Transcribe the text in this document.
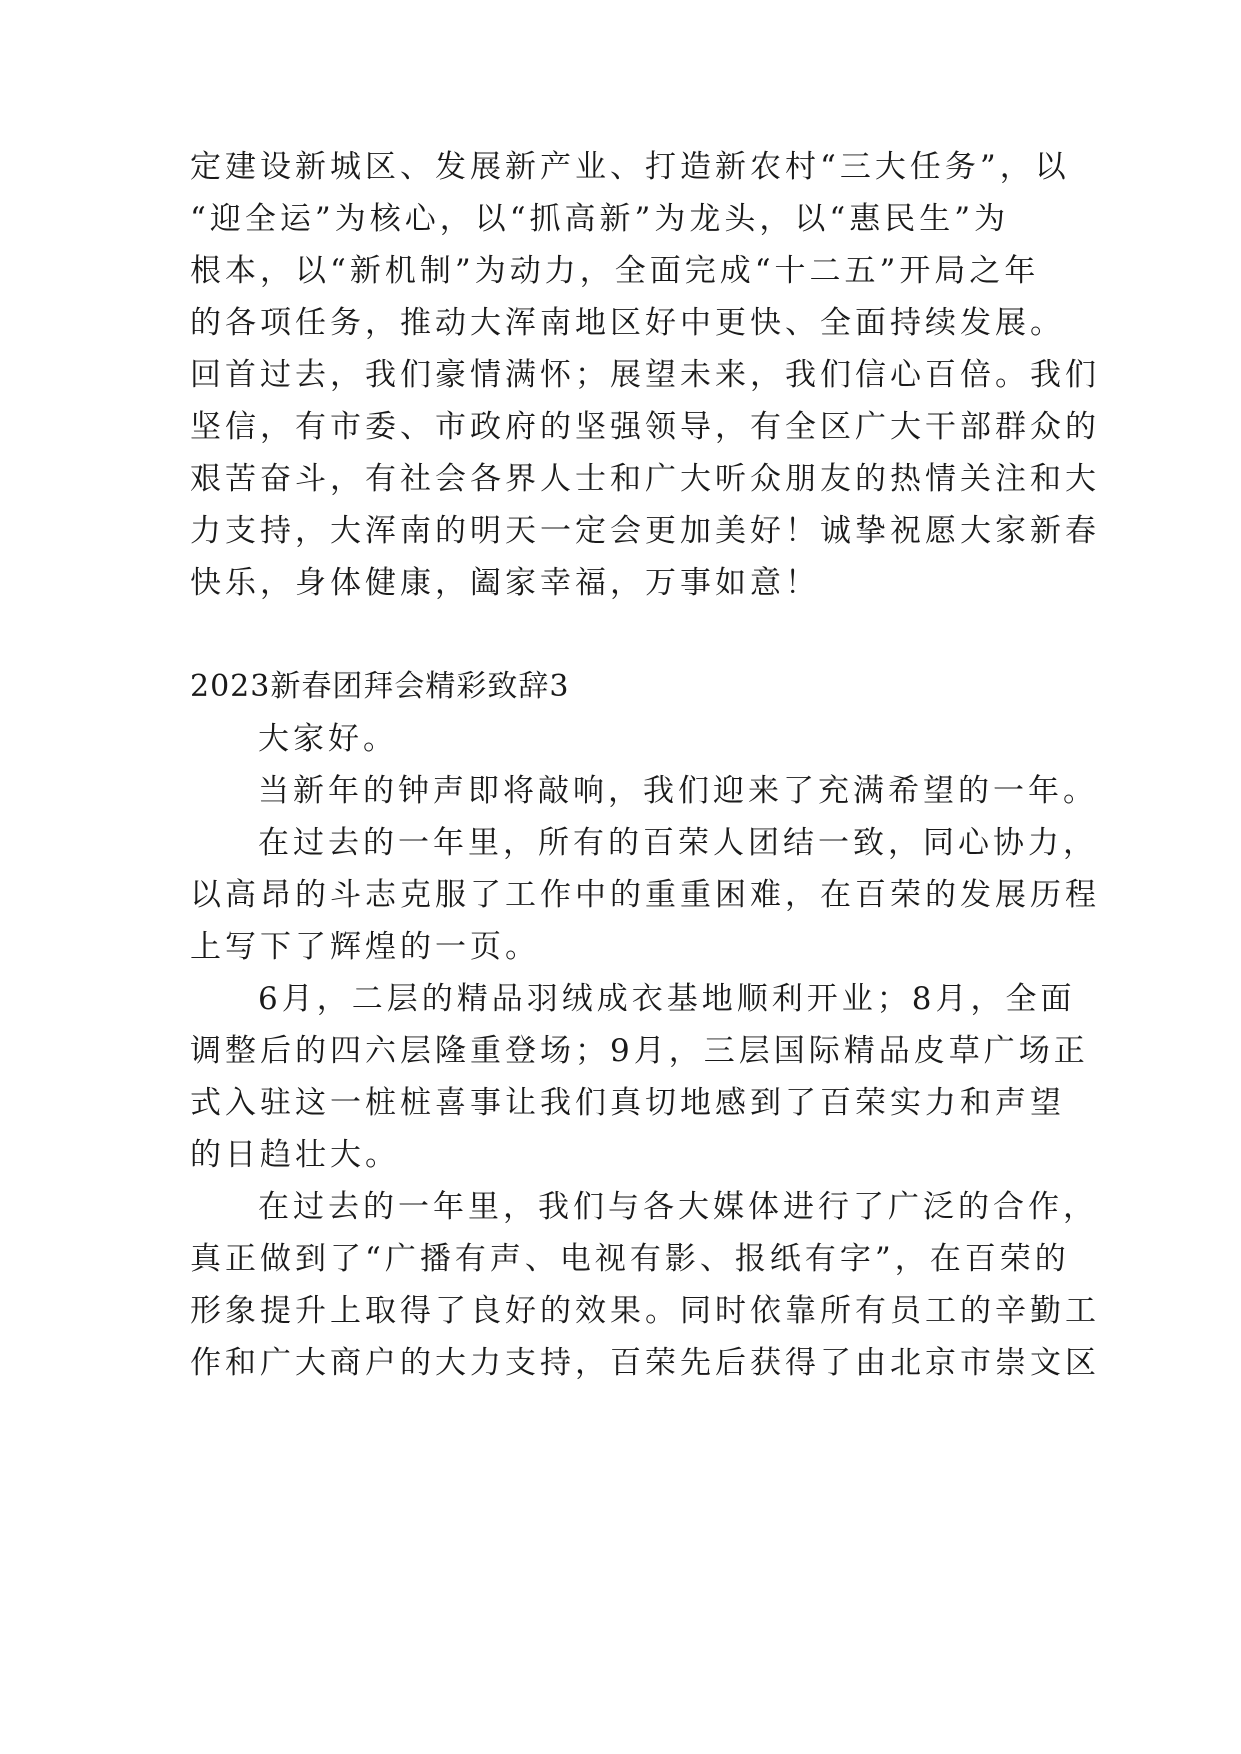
定建设新城区、发展新产业、打造新农村“三大任务”，以
“迎全运”为核心，以“抓高新”为龙头，以“惠民生”为
根本，以“新机制”为动力，全面完成“十二五”开局之年
的各项任务，推动大浑南地区好中更快、全面持续发展。
回首过去，我们豪情满怀；展望未来，我们信心百倍。我们
坚信，有市委、市政府的坚强领导，有全区广大干部群众的
艰苦奋斗，有社会各界人士和广大听众朋友的热情关注和大
力支持，大浑南的明天一定会更加美好！诚挚祝愿大家新春
快乐，身体健康，阖家幸福，万事如意！
2023新春团拜会精彩致辞3
大家好。
当新年的钟声即将敲响，我们迎来了充满希望的一年。
在过去的一年里，所有的百荣人团结一致，同心协力，
以高昂的斗志克服了工作中的重重困难，在百荣的发展历程
上写下了辉煌的一页。
6月，二层的精品羽绒成衣基地顺利开业；8月，全面
调整后的四六层隆重登场；9月，三层国际精品皮草广场正
式入驻这一桩桩喜事让我们真切地感到了百荣实力和声望
的日趋壮大。
在过去的一年里，我们与各大媒体进行了广泛的合作，
真正做到了“广播有声、电视有影、报纸有字”，在百荣的
形象提升上取得了良好的效果。同时依靠所有员工的辛勤工
作和广大商户的大力支持，百荣先后获得了由北京市崇文区
